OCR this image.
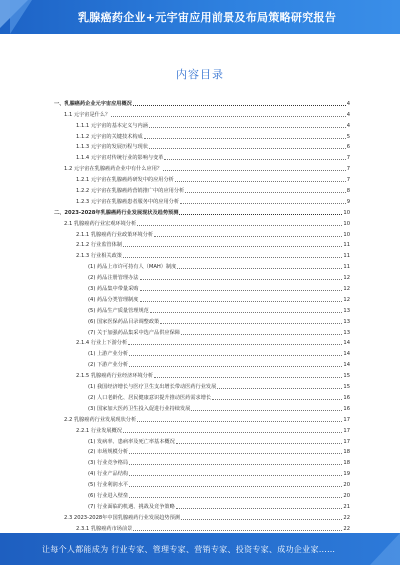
乳腺癌药企业+元宇宙应用前景及布局策略研究报告
内容目录
一、乳腺癌药企业元宇宙应用概况	4
1.1 元宇宙是什么？	4
1.1.1 元宇宙的基本定义与内涵	4
1.1.2 元宇宙的关键技术构成	5
1.1.3 元宇宙的发展历程与现状	6
1.1.4 元宇宙对传统行业的影响与变革	7
1.2 元宇宙在乳腺癌药企业中有什么应用？	7
1.2.1 元宇宙在乳腺癌药研发中的应用分析	7
1.2.2 元宇宙在乳腺癌药营销推广中的应用分析	8
1.2.3 元宇宙在乳腺癌患者服务中的应用分析	9
二、2023-2028年乳腺癌药行业发展现状及趋势预测	10
2.1 乳腺癌药行业宏观环境分析	10
2.1.1 乳腺癌药行业政策环境分析	10
2.1.2 行业监管体制	11
2.1.3 行业相关政策	11
(1) 药品上市许可持有人（MAH）制度	11
(2) 药品注册管理办法	12
(3) 药品集中带量采购	12
(4) 药品分类管理制度	12
(5) 药品生产质量管理规范	13
(6) 国家医保药品目录调整政策	13
(7) 关于加强药品集采中选产品供应保障	13
2.1.4 行业上下游分析	14
(1) 上游产业分析	14
(2) 下游产业分析	14
2.1.5 乳腺癌药行业经济环境分析	15
(1) 我国经济增长与医疗卫生支出增长带动医药行业发展	15
(2) 人口老龄化、居民健康意识提升推动医药需求增长	16
(3) 国家加大医药卫生投入促进行业持续发展	16
2.2 乳腺癌药行业发展现状分析	17
2.2.1 行业发展概况	17
(1) 发病率、患病率及死亡率基本概况	17
(2) 市场规模分析	18
(3) 行业竞争格局	18
(4) 行业产品结构	19
(5) 行业利润水平	20
(6) 行业进入壁垒	20
(7) 行业面临的机遇、挑战及竞争策略	21
2.3 2023-2028年中国乳腺癌药行业发展趋势预测	22
2.3.1 乳腺癌药市场前景	22
让每个人都能成为 行业专家、管理专家、营销专家、投资专家、成功企业家……
